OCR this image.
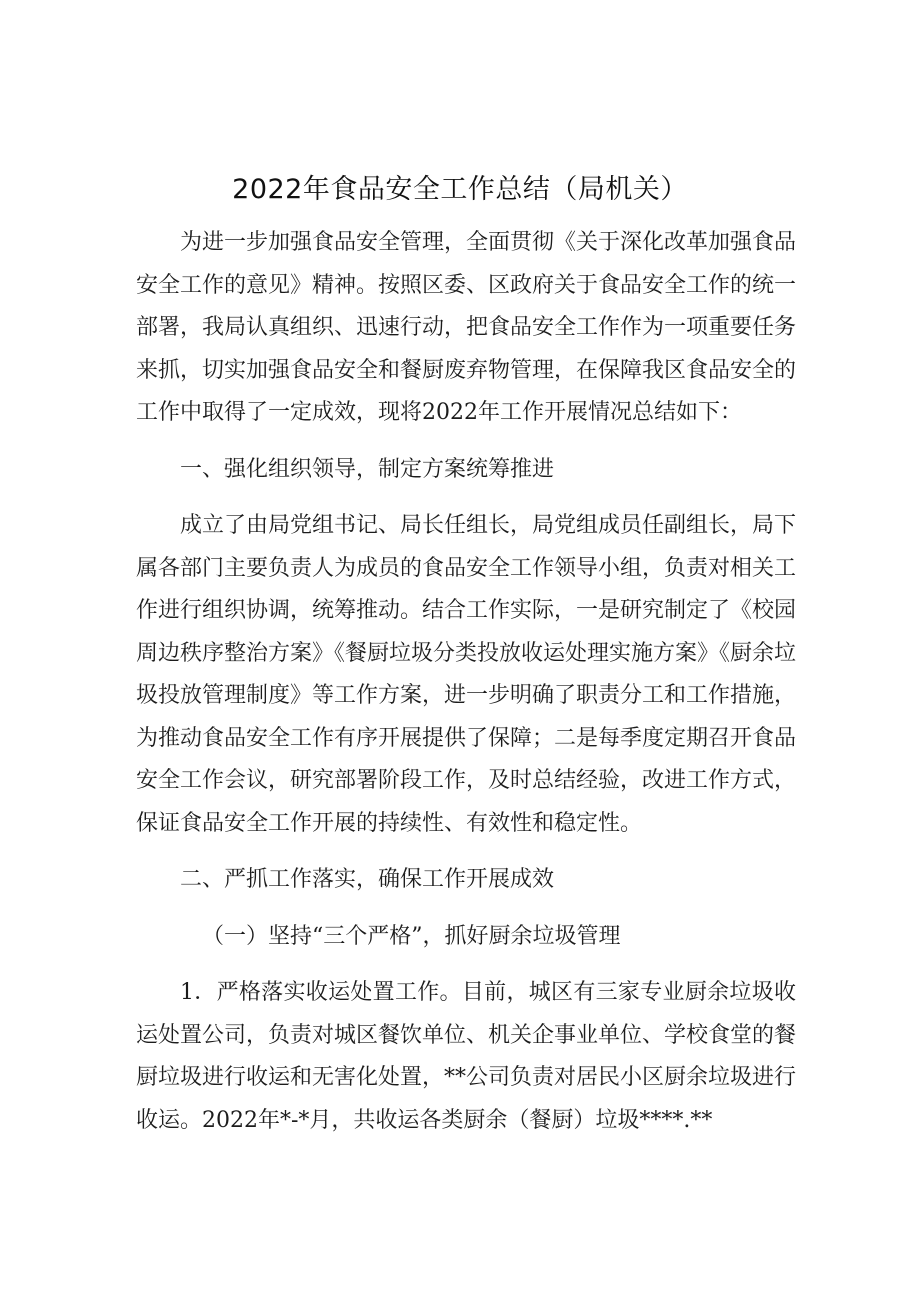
2022年食品安全工作总结（局机关）

为进一步加强食品安全管理，全面贯彻《关于深化改革加强食品安全工作的意见》精神。按照区委、区政府关于食品安全工作的统一部署，我局认真组织、迅速行动，把食品安全工作作为一项重要任务来抓，切实加强食品安全和餐厨废弃物管理，在保障我区食品安全的工作中取得了一定成效，现将2022年工作开展情况总结如下：

一、强化组织领导，制定方案统筹推进

成立了由局党组书记、局长任组长，局党组成员任副组长，局下属各部门主要负责人为成员的食品安全工作领导小组，负责对相关工作进行组织协调，统筹推动。结合工作实际，一是研究制定了《校园周边秩序整治方案》《餐厨垃圾分类投放收运处理实施方案》《厨余垃圾投放管理制度》等工作方案，进一步明确了职责分工和工作措施，为推动食品安全工作有序开展提供了保障；二是每季度定期召开食品安全工作会议，研究部署阶段工作，及时总结经验，改进工作方式，保证食品安全工作开展的持续性、有效性和稳定性。

二、严抓工作落实，确保工作开展成效

（一）坚持“三个严格”，抓好厨余垃圾管理

1．严格落实收运处置工作。目前，城区有三家专业厨余垃圾收运处置公司，负责对城区餐饮单位、机关企事业单位、学校食堂的餐厨垃圾进行收运和无害化处置，**公司负责对居民小区厨余垃圾进行收运。2022年*-*月，共收运各类厨余（餐厨）垃圾****.**
